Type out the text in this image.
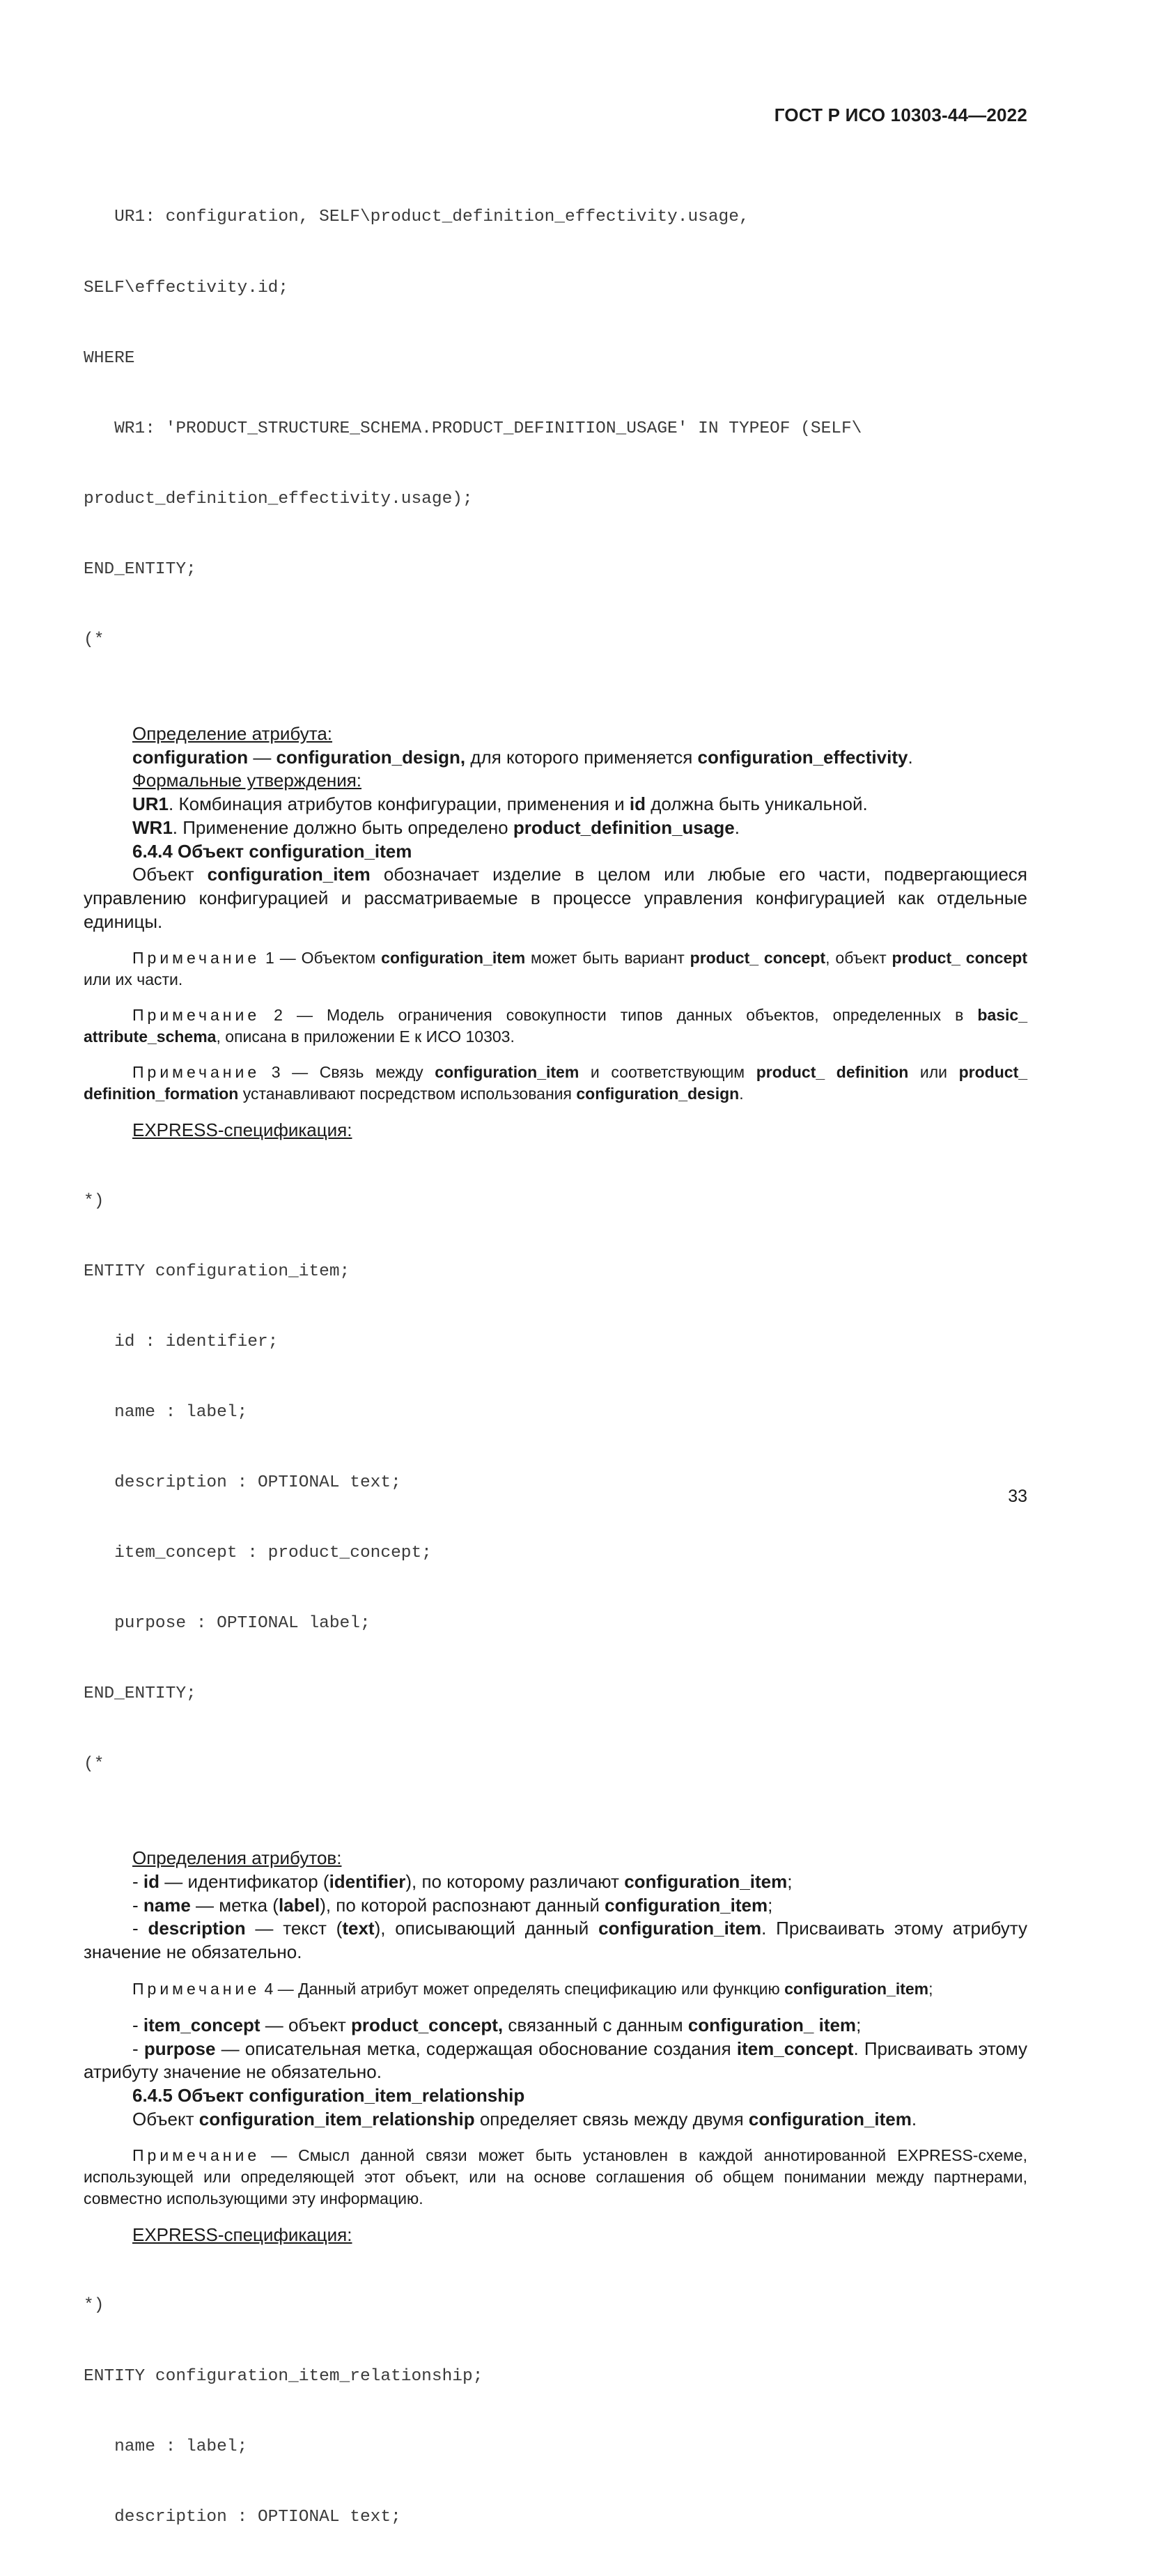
ГОСТ Р ИСО 10303-44—2022

UR1: configuration, SELF\product_definition_effectivity.usage,

SELF\effectivity.id;

WHERE

WR1: 'PRODUCT_STRUCTURE_SCHEMA.PRODUCT_DEFINITION_USAGE' IN TYPEOF (SELF\

product_definition_effectivity.usage);

END_ENTITY;

(*

Определение атрибута:
configuration — configuration_design, для которого применяется configuration_effectivity.
Формальные утверждения:
UR1. Комбинация атрибутов конфигурации, применения и id должна быть уникальной.
WR1. Применение должно быть определено product_definition_usage.
6.4.4 Объект configuration_item
Объект configuration_item обозначает изделие в целом или любые его части, подвергающиеся управлению конфигурацией и рассматриваемые в процессе управления конфигурацией как отдельные единицы.
Примечание 1 — Объектом configuration_item может быть вариант product_ concept, объект product_ concept или их части.
Примечание 2 — Модель ограничения совокупности типов данных объектов, определенных в basic_ attribute_schema, описана в приложении Е к ИСО 10303.
Примечание 3 — Связь между configuration_item и соответствующим product_ definition или product_ definition_formation устанавливают посредством использования configuration_design.
EXPRESS-спецификация:

*)

ENTITY configuration_item;

id : identifier;

name : label;

description : OPTIONAL text;

item_concept : product_concept;

purpose : OPTIONAL label;

END_ENTITY;

(*

Определения атрибутов:
- id — идентификатор (identifier), по которому различают configuration_item;
- name — метка (label), по которой распознают данный configuration_item;
- description — текст (text), описывающий данный configuration_item. Присваивать этому атрибуту значение не обязательно.
Примечание 4 — Данный атрибут может определять спецификацию или функцию configuration_item;
- item_concept — объект product_concept, связанный с данным configuration_ item;
- purpose — описательная метка, содержащая обоснование создания item_concept. Присваивать этому атрибуту значение не обязательно.
6.4.5 Объект configuration_item_relationship
Объект configuration_item_relationship определяет связь между двумя configuration_item.
Примечание — Смысл данной связи может быть установлен в каждой аннотированной EXPRESS-схеме, использующей или определяющей этот объект, или на основе соглашения об общем понимании между партнерами, совместно использующими эту информацию.
EXPRESS-спецификация:

*)

ENTITY configuration_item_relationship;

name : label;

description : OPTIONAL text;

33
